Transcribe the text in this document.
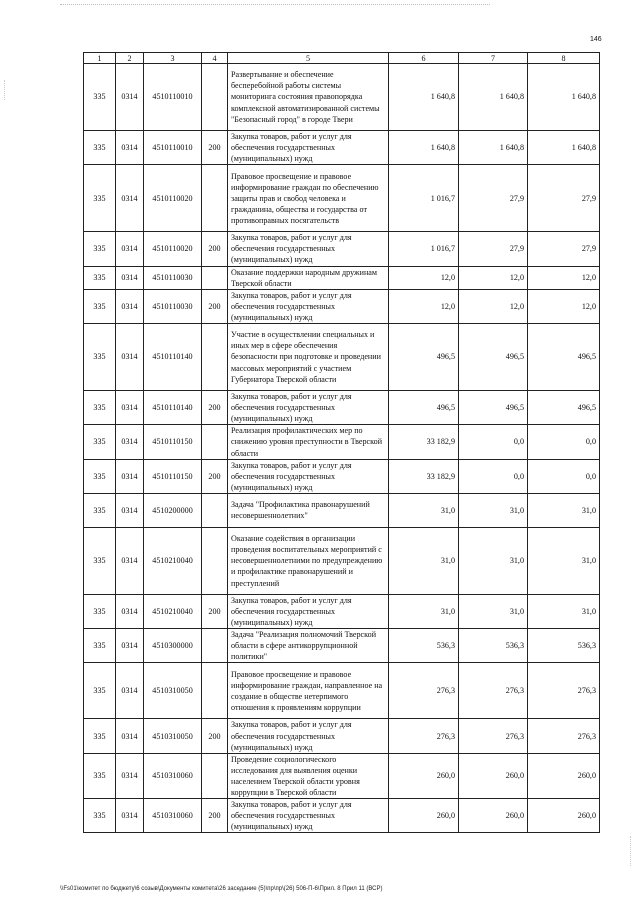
146
1	2	3	4	5	6	7	8
335	0314	4510110010		Развертывание и обеспечение бесперебойной работы системы мониторинга состояния правопорядка комплексной автоматизированной системы "Безопасный город" в городе Твери	1 640,8	1 640,8	1 640,8
335	0314	4510110010	200	Закупка товаров, работ и услуг для обеспечения государственных (муниципальных) нужд	1 640,8	1 640,8	1 640,8
335	0314	4510110020		Правовое просвещение и правовое информирование граждан по обеспечению защиты прав и свобод человека и гражданина, общества и государства от противоправных посягательств	1 016,7	27,9	27,9
335	0314	4510110020	200	Закупка товаров, работ и услуг для обеспечения государственных (муниципальных) нужд	1 016,7	27,9	27,9
335	0314	4510110030		Оказание поддержки народным дружинам Тверской области	12,0	12,0	12,0
335	0314	4510110030	200	Закупка товаров, работ и услуг для обеспечения государственных (муниципальных) нужд	12,0	12,0	12,0
335	0314	4510110140		Участие в осуществлении специальных и иных мер в сфере обеспечения безопасности при подготовке и проведении массовых мероприятий с участием Губернатора Тверской области	496,5	496,5	496,5
335	0314	4510110140	200	Закупка товаров, работ и услуг для обеспечения государственных (муниципальных) нужд	496,5	496,5	496,5
335	0314	4510110150		Реализация профилактических мер по снижению уровня преступности в Тверской области	33 182,9	0,0	0,0
335	0314	4510110150	200	Закупка товаров, работ и услуг для обеспечения государственных (муниципальных) нужд	33 182,9	0,0	0,0
335	0314	4510200000		Задача "Профилактика правонарушений несовершеннолетних"	31,0	31,0	31,0
335	0314	4510210040		Оказание содействия в организации проведения воспитательных мероприятий с несовершеннолетними по предупреждению и профилактике правонарушений и преступлений	31,0	31,0	31,0
335	0314	4510210040	200	Закупка товаров, работ и услуг для обеспечения государственных (муниципальных) нужд	31,0	31,0	31,0
335	0314	4510300000		Задача "Реализация полномочий Тверской области в сфере антикоррупционной политики"	536,3	536,3	536,3
335	0314	4510310050		Правовое просвещение и правовое информирование граждан, направленное на создание в обществе нетерпимого отношения к проявлениям коррупции	276,3	276,3	276,3
335	0314	4510310050	200	Закупка товаров, работ и услуг для обеспечения государственных (муниципальных) нужд	276,3	276,3	276,3
335	0314	4510310060		Проведение социологического исследования для выявления оценки населением Тверской области уровня коррупции в Тверской области	260,0	260,0	260,0
335	0314	4510310060	200	Закупка товаров, работ и услуг для обеспечения государственных (муниципальных) нужд	260,0	260,0	260,0
\\Fs01\комитет по бюджету\6 созыв\Документы комитета\26 заседание (5)\пр\пр\(26) 506-П-6\Прил. 8 Прил 11 (ВСР)
